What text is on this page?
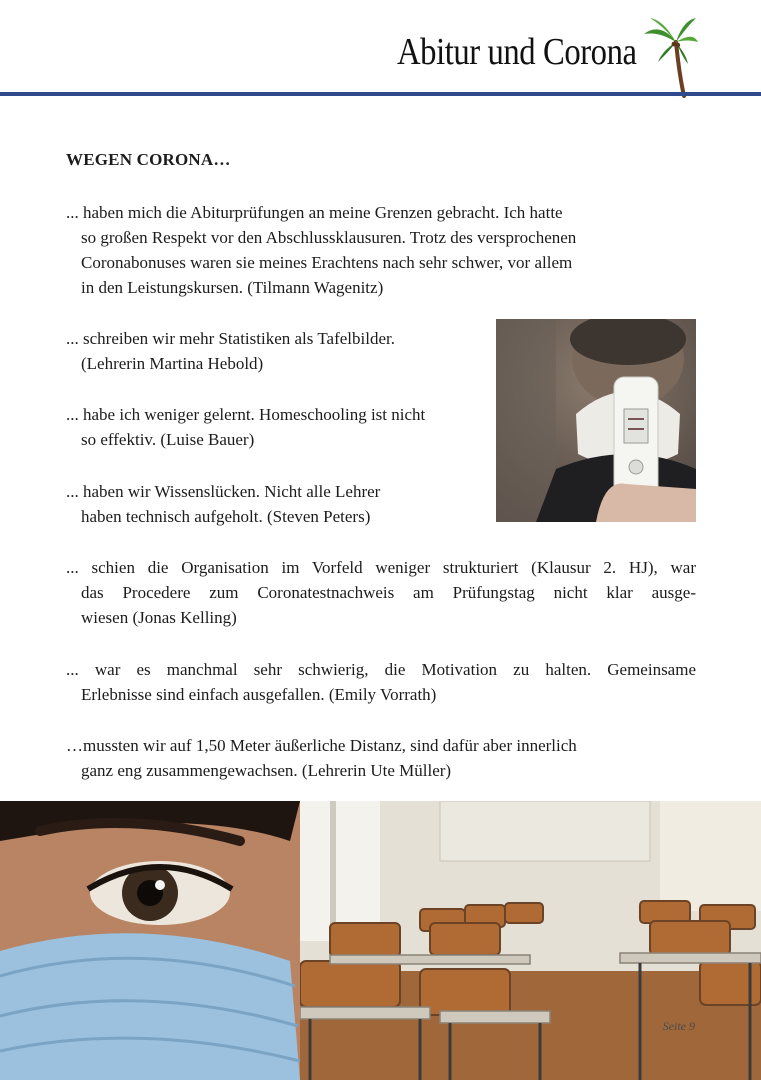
Abitur und Corona
WEGEN CORONA…
... haben mich die Abiturprüfungen an meine Grenzen gebracht. Ich hatte
so großen Respekt vor den Abschlussklausuren. Trotz des versprochenen
Coronabonuses waren sie meines Erachtens nach sehr schwer, vor allem
in den Leistungskursen. (Tilmann Wagenitz)
... schreiben wir mehr Statistiken als Tafelbilder.
(Lehrerin Martina Hebold)
... habe ich weniger gelernt. Homeschooling ist nicht
so effektiv. (Luise Bauer)
... haben wir Wissenslücken. Nicht alle Lehrer
haben technisch aufgeholt. (Steven Peters)
... schien die Organisation im Vorfeld weniger strukturiert (Klausur 2. HJ), war
das Procedere zum Coronatestnachweis am Prüfungstag nicht klar ausge-
wiesen (Jonas Kelling)
... war es manchmal sehr schwierig, die Motivation zu halten. Gemeinsame
Erlebnisse sind einfach ausgefallen. (Emily Vorrath)
…mussten wir auf 1,50 Meter äußerliche Distanz, sind dafür aber innerlich
ganz eng zusammengewachsen. (Lehrerin Ute Müller)
Seite 9
